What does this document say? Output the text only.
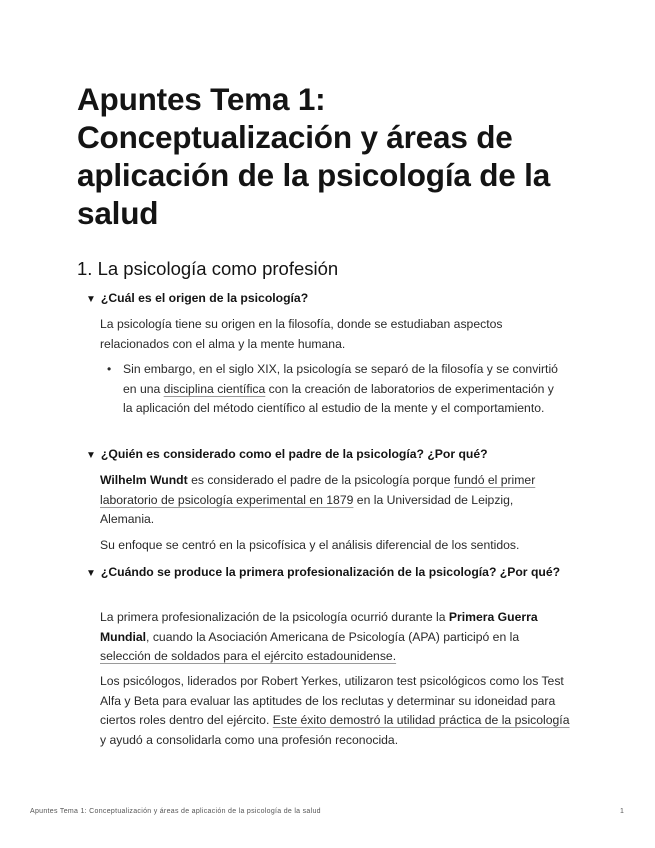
Apuntes Tema 1: Conceptualización y áreas de aplicación de la psicología de la salud
1. La psicología como profesión

▼ ¿Cuál es el origen de la psicología?

La psicología tiene su origen en la filosofía, donde se estudiaban aspectos relacionados con el alma y la mente humana.

• Sin embargo, en el siglo XIX, la psicología se separó de la filosofía y se convirtió en una disciplina científica con la creación de laboratorios de experimentación y la aplicación del método científico al estudio de la mente y el comportamiento.

▼ ¿Quién es considerado como el padre de la psicología? ¿Por qué?

Wilhelm Wundt es considerado el padre de la psicología porque fundó el primer laboratorio de psicología experimental en 1879 en la Universidad de Leipzig, Alemania.

Su enfoque se centró en la psicofísica y el análisis diferencial de los sentidos.

▼ ¿Cuándo se produce la primera profesionalización de la psicología? ¿Por qué?

La primera profesionalización de la psicología ocurrió durante la Primera Guerra Mundial, cuando la Asociación Americana de Psicología (APA) participó en la selección de soldados para el ejército estadounidense.

Los psicólogos, liderados por Robert Yerkes, utilizaron test psicológicos como los Test Alfa y Beta para evaluar las aptitudes de los reclutas y determinar su idoneidad para ciertos roles dentro del ejército. Este éxito demostró la utilidad práctica de la psicología y ayudó a consolidarla como una profesión reconocida.

Apuntes Tema 1: Conceptualización y áreas de aplicación de la psicología de la salud	1
